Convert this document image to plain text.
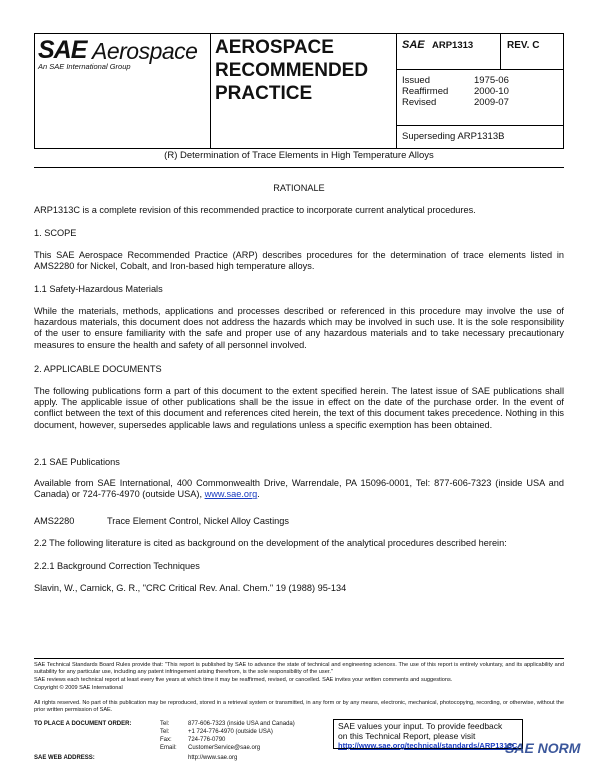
SAE Aerospace
An SAE International Group
AEROSPACE
RECOMMENDED
PRACTICE
SAE ARP1313	REV. C
Issued	1975-06
Reaffirmed	2000-10
Revised	2009-07
Superseding ARP1313B
(R) Determination of Trace Elements in High Temperature Alloys
RATIONALE
ARP1313C is a complete revision of this recommended practice to incorporate current analytical procedures.
1. SCOPE
This SAE Aerospace Recommended Practice (ARP) describes procedures for the determination of trace elements listed in AMS2280 for Nickel, Cobalt, and Iron-based high temperature alloys.
1.1 Safety-Hazardous Materials
While the materials, methods, applications and processes described or referenced in this procedure may involve the use of hazardous materials, this document does not address the hazards which may be involved in such use. It is the sole responsibility of the user to ensure familiarity with the safe and proper use of any hazardous materials and to take necessary precautionary measures to ensure the health and safety of all personnel involved.
2. APPLICABLE DOCUMENTS
The following publications form a part of this document to the extent specified herein. The latest issue of SAE publications shall apply. The applicable issue of other publications shall be the issue in effect on the date of the purchase order. In the event of conflict between the text of this document and references cited herein, the text of this document takes precedence. Nothing in this document, however, supersedes applicable laws and regulations unless a specific exemption has been obtained.
2.1 SAE Publications
Available from SAE International, 400 Commonwealth Drive, Warrendale, PA 15096-0001, Tel: 877-606-7323 (inside USA and Canada) or 724-776-4970 (outside USA), www.sae.org.
AMS2280	Trace Element Control, Nickel Alloy Castings
2.2 The following literature is cited as background on the development of the analytical procedures described herein:
2.2.1 Background Correction Techniques
Slavin, W., Carnick, G. R., "CRC Critical Rev. Anal. Chem." 19 (1988) 95-134
SAE Technical Standards Board Rules provide that: "This report is published by SAE to advance the state of technical and engineering sciences. The use of this report is entirely voluntary, and its applicability and suitability for any particular use, including any patent infringement arising therefrom, is the sole responsibility of the user."
SAE reviews each technical report at least every five years at which time it may be reaffirmed, revised, or cancelled. SAE invites your written comments and suggestions.
Copyright © 2009 SAE International
All rights reserved. No part of this publication may be reproduced, stored in a retrieval system or transmitted, in any form or by any means, electronic, mechanical, photocopying, recording, or otherwise, without the prior written permission of SAE.
TO PLACE A DOCUMENT ORDER:	Tel:	877-606-7323 (inside USA and Canada)
Tel:	+1 724-776-4970 (outside USA)
Fax:	724-776-0790
Email: CustomerService@sae.org
SAE WEB ADDRESS:	http://www.sae.org
SAE values your input. To provide feedback
on this Technical Report, please visit
http://www.sae.org/technical/standards/ARP1313C
SAE NORM
